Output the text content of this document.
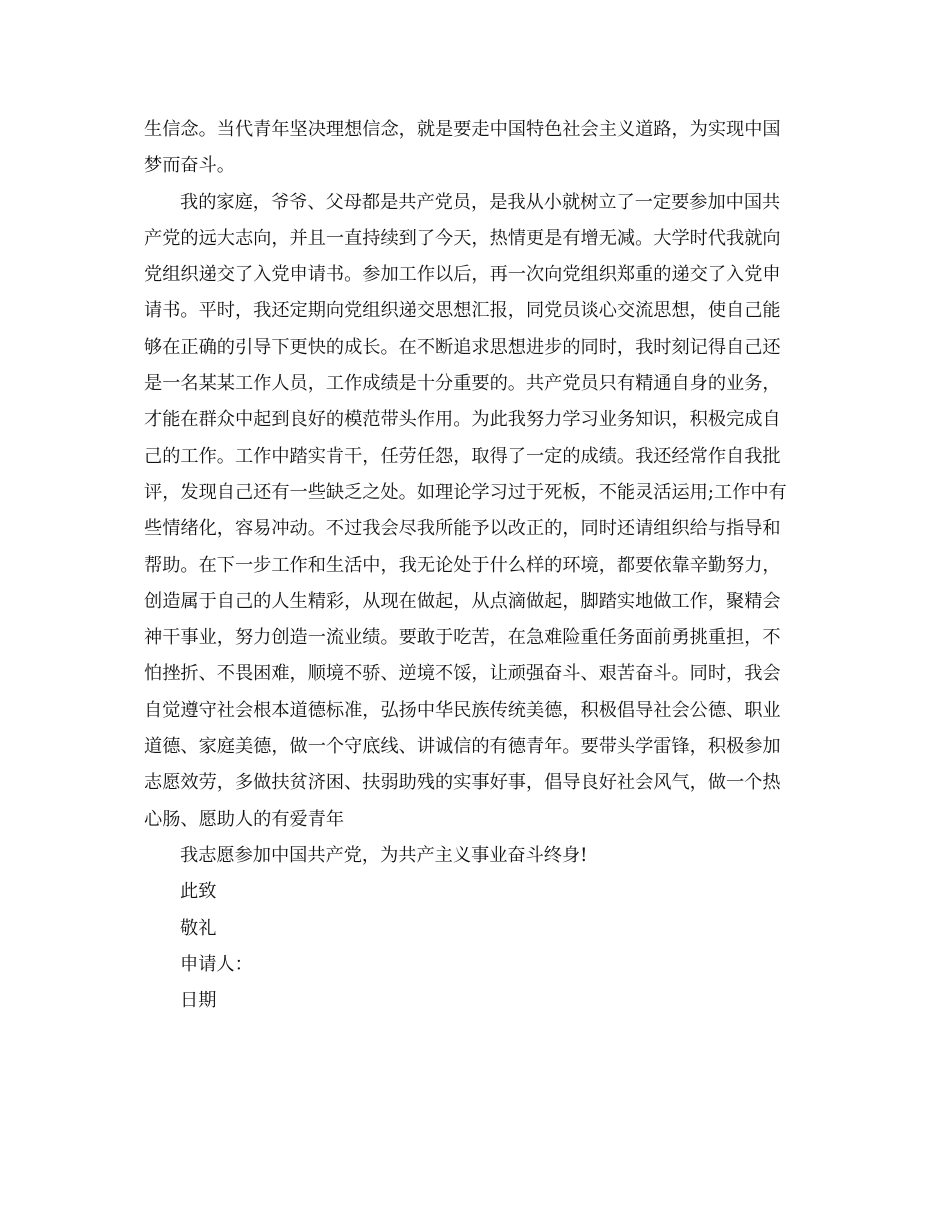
生信念。当代青年坚决理想信念，就是要走中国特色社会主义道路，为实现中国
梦而奋斗。
我的家庭，爷爷、父母都是共产党员，是我从小就树立了一定要参加中国共
产党的远大志向，并且一直持续到了今天，热情更是有增无减。大学时代我就向
党组织递交了入党申请书。参加工作以后，再一次向党组织郑重的递交了入党申
请书。平时，我还定期向党组织递交思想汇报，同党员谈心交流思想，使自己能
够在正确的引导下更快的成长。在不断追求思想进步的同时，我时刻记得自己还
是一名某某工作人员，工作成绩是十分重要的。共产党员只有精通自身的业务，
才能在群众中起到良好的模范带头作用。为此我努力学习业务知识，积极完成自
己的工作。工作中踏实肯干，任劳任怨，取得了一定的成绩。我还经常作自我批
评，发现自己还有一些缺乏之处。如理论学习过于死板，不能灵活运用;工作中有
些情绪化，容易冲动。不过我会尽我所能予以改正的，同时还请组织给与指导和
帮助。在下一步工作和生活中，我无论处于什么样的环境，都要依靠辛勤努力，
创造属于自己的人生精彩，从现在做起，从点滴做起，脚踏实地做工作，聚精会
神干事业，努力创造一流业绩。要敢于吃苦，在急难险重任务面前勇挑重担，不
怕挫折、不畏困难，顺境不骄、逆境不馁，让顽强奋斗、艰苦奋斗。同时，我会
自觉遵守社会根本道德标准，弘扬中华民族传统美德，积极倡导社会公德、职业
道德、家庭美德，做一个守底线、讲诚信的有德青年。要带头学雷锋，积极参加
志愿效劳，多做扶贫济困、扶弱助残的实事好事，倡导良好社会风气，做一个热
心肠、愿助人的有爱青年
我志愿参加中国共产党，为共产主义事业奋斗终身!
此致
敬礼
申请人：
日期
